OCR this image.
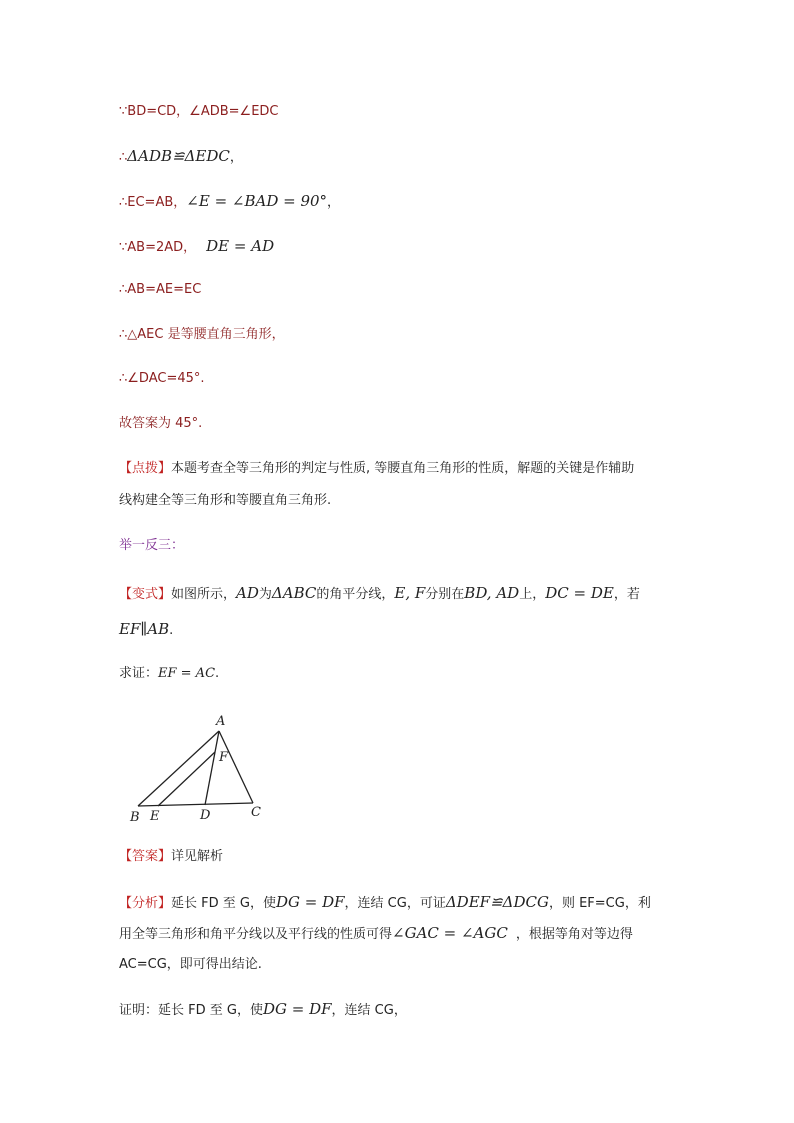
∵BD=CD，∠ADB=∠EDC
∴ΔADB≌ΔEDC，
∴EC=AB，∠E = ∠BAD = 90°，
∵AB=2AD， DE = AD
∴AB=AE=EC
∴△AEC 是等腰直角三角形，
∴∠DAC=45°.
故答案为 45°.
【点拨】本题考查全等三角形的判定与性质, 等腰直角三角形的性质，解题的关键是作辅助
线构建全等三角形和等腰直角三角形.
举一反三：
【变式】如图所示，AD为ΔABC的角平分线，E, F分别在BD, AD上，DC = DE，若
EF∥AB.
求证：EF = AC.
A
F
B E	D	C
【答案】详见解析
【分析】延长 FD 至 G，使DG = DF，连结 CG，可证ΔDEF≌ΔDCG，则 EF=CG，利
用全等三角形和角平分线以及平行线的性质可得∠GAC = ∠AGC ，根据等角对等边得
AC=CG，即可得出结论.
证明：延长 FD 至 G，使DG = DF，连结 CG，
